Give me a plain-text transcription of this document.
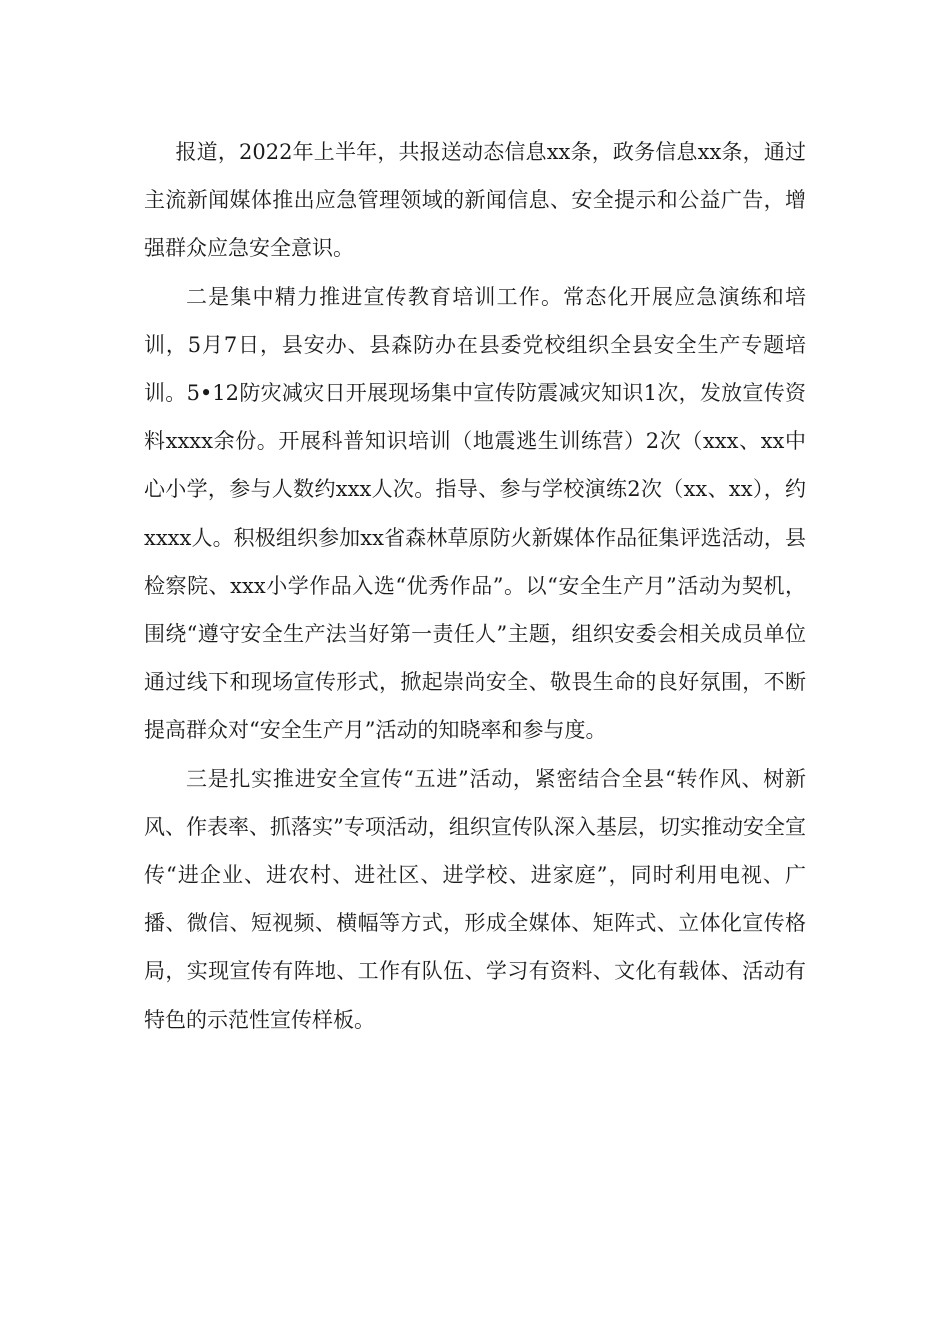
报道，2022年上半年，共报送动态信息xx条，政务信息xx条，通过主流新闻媒体推出应急管理领域的新闻信息、安全提示和公益广告，增强群众应急安全意识。

二是集中精力推进宣传教育培训工作。常态化开展应急演练和培训，5月7日，县安办、县森防办在县委党校组织全县安全生产专题培训。5•12防灾减灾日开展现场集中宣传防震减灾知识1次，发放宣传资料xxxx余份。开展科普知识培训（地震逃生训练营）2次（xxx、xx中心小学，参与人数约xxx人次。指导、参与学校演练2次（xx、xx），约xxxx人。积极组织参加xx省森林草原防火新媒体作品征集评选活动，县检察院、xxx小学作品入选“优秀作品”。以“安全生产月”活动为契机，围绕“遵守安全生产法当好第一责任人”主题，组织安委会相关成员单位通过线下和现场宣传形式，掀起崇尚安全、敬畏生命的良好氛围，不断提高群众对“安全生产月”活动的知晓率和参与度。

三是扎实推进安全宣传“五进”活动，紧密结合全县“转作风、树新风、作表率、抓落实”专项活动，组织宣传队深入基层，切实推动安全宣传“进企业、进农村、进社区、进学校、进家庭”，同时利用电视、广播、微信、短视频、横幅等方式，形成全媒体、矩阵式、立体化宣传格局，实现宣传有阵地、工作有队伍、学习有资料、文化有载体、活动有特色的示范性宣传样板。
